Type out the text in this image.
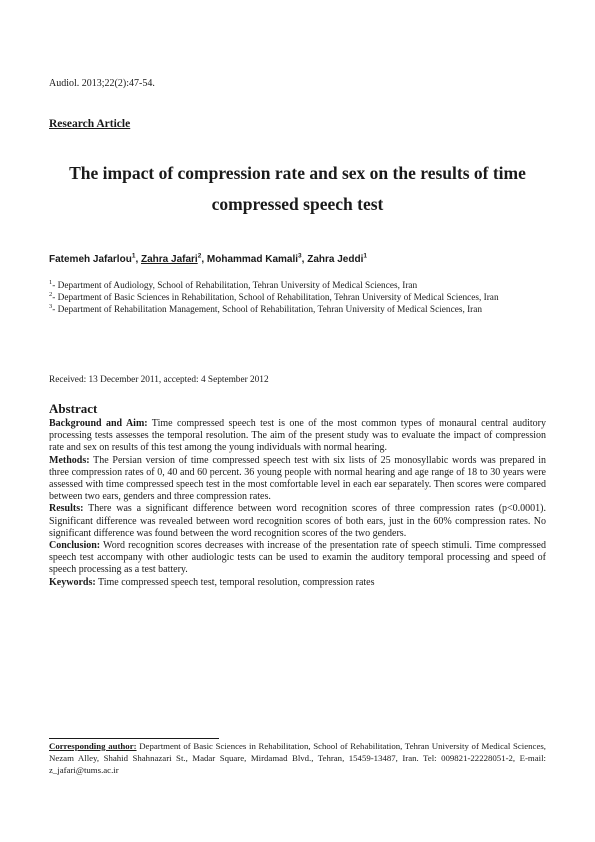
Audiol. 2013;22(2):47-54.
Research Article
The impact of compression rate and sex on the results of time compressed speech test
Fatemeh Jafarlou$^1$, Zahra Jafari$^2$, Mohammad Kamali$^3$, Zahra Jeddi$^1$

$^1$- Department of Audiology, School of Rehabilitation, Tehran University of Medical Sciences, Iran

$^2$- Department of Basic Sciences in Rehabilitation, School of Rehabilitation, Tehran University of Medical Sciences, Iran

$^3$- Department of Rehabilitation Management, School of Rehabilitation, Tehran University of Medical Sciences, Iran

Received: 13 December 2011, accepted: 4 September 2012
Abstract

Background and Aim: Time compressed speech test is one of the most common types of monaural central auditory processing tests assesses the temporal resolution. The aim of the present study was to evaluate the impact of compression rate and sex on results of this test among the young individuals with normal hearing.

Methods: The Persian version of time compressed speech test with six lists of 25 monosyllabic words was prepared in three compression rates of 0, 40 and 60 percent. 36 young people with normal hearing and age range of 18 to 30 years were assessed with time compressed speech test in the most comfortable level in each ear separately. Then scores were compared between two ears, genders and three compression rates.

Results: There was a significant difference between word recognition scores of three compression rates (p<0.0001). Significant difference was revealed between word recognition scores of both ears, just in the 60% compression rates. No significant difference was found between the word recognition scores of the two genders.

Conclusion: Word recognition scores decreases with increase of the presentation rate of speech stimuli. Time compressed speech test accompany with other audiologic tests can be used to examin the auditory temporal processing and speed of speech processing as a test battery.

Keywords: Time compressed speech test, temporal resolution, compression rates

Corresponding author: Department of Basic Sciences in Rehabilitation, School of Rehabilitation, Tehran University of Medical Sciences, Nezam Alley, Shahid Shahnazari St., Madar Square, Mirdamad Blvd., Tehran, 15459-13487, Iran. Tel: 009821-22228051-2, E-mail: z_jafari@tums.ac.ir
